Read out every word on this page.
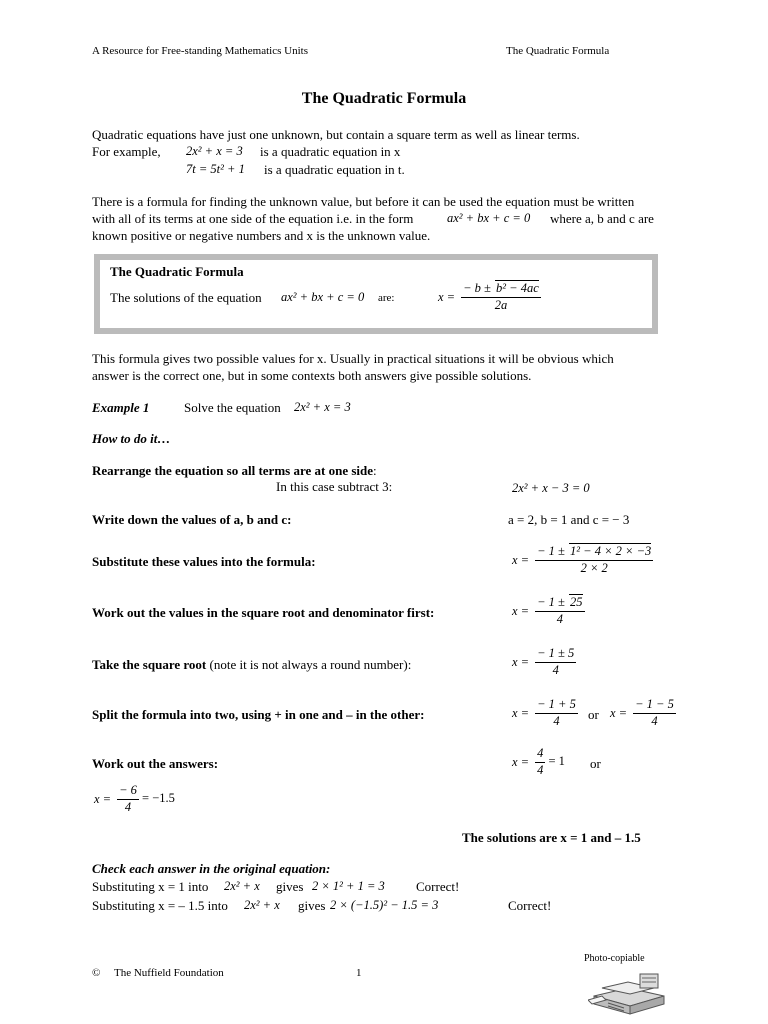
A Resource for Free-standing Mathematics Units	The Quadratic Formula
The Quadratic Formula
Quadratic equations have just one unknown, but contain a square term as well as linear terms.
For example, 2x² + x = 3 is a quadratic equation in x
7t = 5t² + 1 is a quadratic equation in t.
There is a formula for finding the unknown value, but before it can be used the equation must be written
with all of its terms at one side of the equation i.e. in the form	ax² + bx + c = 0 where a, b and c are
known positive or negative numbers and x is the unknown value.
The Quadratic Formula
The solutions of the equation ax² + bx + c = 0 are:	$x = \frac{\text{− b ± b² − 4ac}}{2a}$
This formula gives two possible values for x. Usually in practical situations it will be obvious which
answer is the correct one, but in some contexts both answers give possible solutions.
Example 1	Solve the equation 2x² + x = 3
How to do it…
Rearrange the equation so all terms are at one side:
In this case subtract 3:	2x² + x − 3 = 0
Write down the values of a, b and c:	a = 2, b = 1 and c = − 3
Substitute these values into the formula:	$x = \frac{\text{− 1 ± 1² − 4 × 2 × −3}}{2 \times 2}$
Work out the values in the square root and denominator first:	$x = \frac{- 1 \pm 25}{4}$
Take the square root (note it is not always a round number):	$x = \frac{- 1 \pm 5}{4}$
Split the formula into two, using + in one and – in the other:	$x = \frac{- 1 + 5}{4}$ or $x = \frac{- 1 - 5}{4}$
Work out the answers:	$x = \frac{4}{4} = 1$ or
$x = \frac{- 6}{4} = -1.5$
The solutions are x = 1 and – 1.5
Check each answer in the original equation:
Substituting x = 1 into 2x² + x gives 2 × 1² + 1 = 3 Correct!
Substituting x = – 1.5 into 2x² + x gives 2 × (−1.5)² − 1.5 = 3	Correct!
© The Nuffield Foundation	1
Photo-copiable
